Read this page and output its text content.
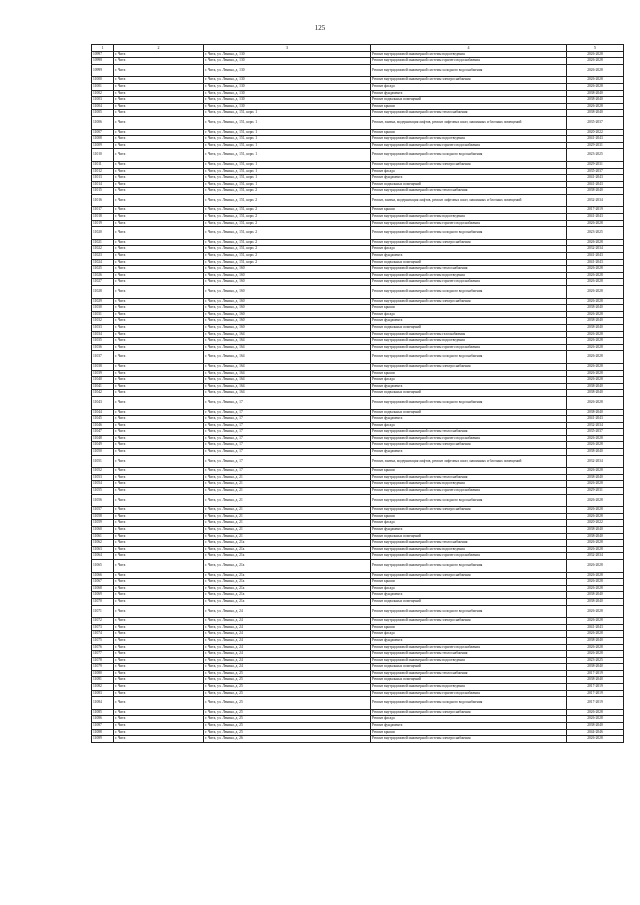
125
1	2	3	4	5
10997	г. Чита	г. Чита, ул. Ленина, д. 130	Ремонт внутридомовой инженерной системы водоотведения	2026-2028
10998	г. Чита	г. Чита, ул. Ленина, д. 130	Ремонт внутридомовой инженерной системы горячего водоснабжения	2026-2028
10999	г. Чита	г. Чита, ул. Ленина, д. 130	Ремонт внутридомовой инженерной системы холодного водоснабжения	2026-2028
11000	г. Чита	г. Чита, ул. Ленина, д. 130	Ремонт внутридомовой инженерной системы электроснабжения	2026-2028
11001	г. Чита	г. Чита, ул. Ленина, д. 130	Ремонт фасада	2026-2028
11002	г. Чита	г. Чита, ул. Ленина, д. 130	Ремонт фундамента	2038-2040
11003	г. Чита	г. Чита, ул. Ленина, д. 130	Ремонт подвальных помещений	2038-2040
11004	г. Чита	г. Чита, ул. Ленина, д. 130	Ремонт крыши	2026-2028
11005	г. Чита	г. Чита, ул. Ленина, д. 151, корп. 1	Ремонт внутридомовой инженерной системы теплоснабжения	2038-2040
11006	г. Чита	г. Чита, ул. Ленина, д. 151, корп. 1	Ремонт, замена, модернизация лифтов, ремонт лифтовых шахт, машинных и блочных помещений	2035-2037
11007	г. Чита	г. Чита, ул. Ленина, д. 151, корп. 1	Ремонт крыши	2020-2022
11008	г. Чита	г. Чита, ул. Ленина, д. 151, корп. 1	Ремонт внутридомовой инженерной системы водоотведения	2041-2043
11009	г. Чита	г. Чита, ул. Ленина, д. 151, корп. 1	Ремонт внутридомовой инженерной системы горячего водоснабжения	2029-2031
11010	г. Чита	г. Чита, ул. Ленина, д. 151, корп. 1	Ремонт внутридомовой инженерной системы холодного водоснабжения	2023-2025
11011	г. Чита	г. Чита, ул. Ленина, д. 151, корп. 1	Ремонт внутридомовой инженерной системы электроснабжения	2029-2031
11012	г. Чита	г. Чита, ул. Ленина, д. 151, корп. 1	Ремонт фасада	2035-2037
11013	г. Чита	г. Чита, ул. Ленина, д. 151, корп. 1	Ремонт фундамента	2041-2043
11014	г. Чита	г. Чита, ул. Ленина, д. 151, корп. 1	Ремонт подвальных помещений	2041-2043
11015	г. Чита	г. Чита, ул. Ленина, д. 151, корп. 2	Ремонт внутридомовой инженерной системы теплоснабжения	2038-2040
11016	г. Чита	г. Чита, ул. Ленина, д. 151, корп. 2	Ремонт, замена, модернизация лифтов, ремонт лифтовых шахт, машинных и блочных помещений	2032-2034
11017	г. Чита	г. Чита, ул. Ленина, д. 151, корп. 2	Ремонт крыши	2017-2019
11018	г. Чита	г. Чита, ул. Ленина, д. 151, корп. 2	Ремонт внутридомовой инженерной системы водоотведения	2041-2043
11019	г. Чита	г. Чита, ул. Ленина, д. 151, корп. 2	Ремонт внутридомовой инженерной системы горячего водоснабжения	2026-2028
11020	г. Чита	г. Чита, ул. Ленина, д. 151, корп. 2	Ремонт внутридомовой инженерной системы холодного водоснабжения	2023-2025
11021	г. Чита	г. Чита, ул. Ленина, д. 151, корп. 2	Ремонт внутридомовой инженерной системы электроснабжения	2026-2028
11022	г. Чита	г. Чита, ул. Ленина, д. 151, корп. 2	Ремонт фасада	2032-2034
11023	г. Чита	г. Чита, ул. Ленина, д. 151, корп. 2	Ремонт фундамента	2041-2043
11024	г. Чита	г. Чита, ул. Ленина, д. 151, корп. 2	Ремонт подвальных помещений	2041-2043
11025	г. Чита	г. Чита, ул. Ленина, д. 160	Ремонт внутридомовой инженерной системы теплоснабжения	2026-2028
11026	г. Чита	г. Чита, ул. Ленина, д. 160	Ремонт внутридомовой инженерной системы водоотведения	2026-2028
11027	г. Чита	г. Чита, ул. Ленина, д. 160	Ремонт внутридомовой инженерной системы горячего водоснабжения	2026-2028
11028	г. Чита	г. Чита, ул. Ленина, д. 160	Ремонт внутридомовой инженерной системы холодного водоснабжения	2026-2028
11029	г. Чита	г. Чита, ул. Ленина, д. 160	Ремонт внутридомовой инженерной системы электроснабжения	2026-2028
11030	г. Чита	г. Чита, ул. Ленина, д. 160	Ремонт крыши	2038-2040
11031	г. Чита	г. Чита, ул. Ленина, д. 160	Ремонт фасада	2026-2028
11032	г. Чита	г. Чита, ул. Ленина, д. 160	Ремонт фундамента	2038-2040
11033	г. Чита	г. Чита, ул. Ленина, д. 160	Ремонт подвальных помещений	2038-2040
11034	г. Чита	г. Чита, ул. Ленина, д. 164	Ремонт внутридомовой инженерной системы газоснабжения	2026-2028
11035	г. Чита	г. Чита, ул. Ленина, д. 164	Ремонт внутридомовой инженерной системы водоотведения	2026-2028
11036	г. Чита	г. Чита, ул. Ленина, д. 164	Ремонт внутридомовой инженерной системы горячего водоснабжения	2026-2028
11037	г. Чита	г. Чита, ул. Ленина, д. 164	Ремонт внутридомовой инженерной системы холодного водоснабжения	2026-2028
11038	г. Чита	г. Чита, ул. Ленина, д. 164	Ремонт внутридомовой инженерной системы электроснабжения	2026-2028
11039	г. Чита	г. Чита, ул. Ленина, д. 164	Ремонт крыши	2026-2028
11040	г. Чита	г. Чита, ул. Ленина, д. 164	Ремонт фасада	2026-2028
11041	г. Чита	г. Чита, ул. Ленина, д. 164	Ремонт фундамента	2038-2040
11042	г. Чита	г. Чита, ул. Ленина, д. 164	Ремонт подвальных помещений	2038-2040
11043	г. Чита	г. Чита, ул. Ленина, д. 17	Ремонт внутридомовой инженерной системы холодного водоснабжения	2026-2028
11044	г. Чита	г. Чита, ул. Ленина, д. 17	Ремонт подвальных помещений	2038-2040
11045	г. Чита	г. Чита, ул. Ленина, д. 17	Ремонт фундамента	2041-2043
11046	г. Чита	г. Чита, ул. Ленина, д. 17	Ремонт фасада	2032-2034
11047	г. Чита	г. Чита, ул. Ленина, д. 17	Ремонт внутридомовой инженерной системы теплоснабжения	2035-2037
11048	г. Чита	г. Чита, ул. Ленина, д. 17	Ремонт внутридомовой инженерной системы горячего водоснабжения	2026-2028
11049	г. Чита	г. Чита, ул. Ленина, д. 17	Ремонт внутридомовой инженерной системы электроснабжения	2026-2028
11050	г. Чита	г. Чита, ул. Ленина, д. 17	Ремонт фундамента	2038-2040
11051	г. Чита	г. Чита, ул. Ленина, д. 17	Ремонт, замена, модернизация лифтов, ремонт лифтовых шахт, машинных и блочных помещений	2032-2034
11052	г. Чита	г. Чита, ул. Ленина, д. 17	Ремонт крыши	2026-2028
11053	г. Чита	г. Чита, ул. Ленина, д. 21	Ремонт внутридомовой инженерной системы теплоснабжения	2038-2040
11054	г. Чита	г. Чита, ул. Ленина, д. 21	Ремонт внутридомовой инженерной системы водоотведения	2026-2028
11055	г. Чита	г. Чита, ул. Ленина, д. 21	Ремонт внутридомовой инженерной системы горячего водоснабжения	2029-2031
11056	г. Чита	г. Чита, ул. Ленина, д. 21	Ремонт внутридомовой инженерной системы холодного водоснабжения	2026-2028
11057	г. Чита	г. Чита, ул. Ленина, д. 21	Ремонт внутридомовой инженерной системы электроснабжения	2026-2028
11058	г. Чита	г. Чита, ул. Ленина, д. 21	Ремонт крыши	2026-2028
11059	г. Чита	г. Чита, ул. Ленина, д. 21	Ремонт фасада	2020-2022
11060	г. Чита	г. Чита, ул. Ленина, д. 21	Ремонт фундамента	2038-2040
11061	г. Чита	г. Чита, ул. Ленина, д. 21	Ремонт подвальных помещений	2038-2040
11062	г. Чита	г. Чита, ул. Ленина, д. 21а	Ремонт внутридомовой инженерной системы теплоснабжения	2026-2028
11063	г. Чита	г. Чита, ул. Ленина, д. 21а	Ремонт внутридомовой инженерной системы водоотведения	2026-2028
11064	г. Чита	г. Чита, ул. Ленина, д. 21а	Ремонт внутридомовой инженерной системы горячего водоснабжения	2032-2034
11065	г. Чита	г. Чита, ул. Ленина, д. 21а	Ремонт внутридомовой инженерной системы холодного водоснабжения	2026-2028
11066	г. Чита	г. Чита, ул. Ленина, д. 21а	Ремонт внутридомовой инженерной системы электроснабжения	2026-2028
11067	г. Чита	г. Чита, ул. Ленина, д. 21а	Ремонт крыши	2026-2028
11068	г. Чита	г. Чита, ул. Ленина, д. 21а	Ремонт фасада	2026-2028
11069	г. Чита	г. Чита, ул. Ленина, д. 21а	Ремонт фундамента	2038-2040
11070	г. Чита	г. Чита, ул. Ленина, д. 21а	Ремонт подвальных помещений	2038-2040
11071	г. Чита	г. Чита, ул. Ленина, д. 24	Ремонт внутридомовой инженерной системы холодного водоснабжения	2026-2028
11072	г. Чита	г. Чита, ул. Ленина, д. 24	Ремонт внутридомовой инженерной системы электроснабжения	2026-2028
11073	г. Чита	г. Чита, ул. Ленина, д. 24	Ремонт крыши	2041-2043
11074	г. Чита	г. Чита, ул. Ленина, д. 24	Ремонт фасада	2026-2028
11075	г. Чита	г. Чита, ул. Ленина, д. 24	Ремонт фундамента	2038-2040
11076	г. Чита	г. Чита, ул. Ленина, д. 24	Ремонт внутридомовой инженерной системы горячего водоснабжения	2026-2028
11077	г. Чита	г. Чита, ул. Ленина, д. 24	Ремонт внутридомовой инженерной системы теплоснабжения	2026-2028
11078	г. Чита	г. Чита, ул. Ленина, д. 24	Ремонт внутридомовой инженерной системы водоотведения	2023-2025
11079	г. Чита	г. Чита, ул. Ленина, д. 24	Ремонт подвальных помещений	2038-2040
11080	г. Чита	г. Чита, ул. Ленина, д. 25	Ремонт внутридомовой инженерной системы теплоснабжения	2017-2019
11081	г. Чита	г. Чита, ул. Ленина, д. 25	Ремонт подвальных помещений	2038-2040
11082	г. Чита	г. Чита, ул. Ленина, д. 25	Ремонт внутридомовой инженерной системы водоотведения	2017-2019
11083	г. Чита	г. Чита, ул. Ленина, д. 25	Ремонт внутридомовой инженерной системы горячего водоснабжения	2017-2019
11084	г. Чита	г. Чита, ул. Ленина, д. 25	Ремонт внутридомовой инженерной системы холодного водоснабжения	2017-2019
11085	г. Чита	г. Чита, ул. Ленина, д. 25	Ремонт внутридомовой инженерной системы электроснабжения	2026-2028
11086	г. Чита	г. Чита, ул. Ленина, д. 25	Ремонт фасада	2026-2028
11087	г. Чита	г. Чита, ул. Ленина, д. 25	Ремонт фундамента	2038-2040
11088	г. Чита	г. Чита, ул. Ленина, д. 25	Ремонт крыши	2044-2046
11089	г. Чита	г. Чита, ул. Ленина, д. 26	Ремонт внутридомовой инженерной системы электроснабжения	2026-2028
